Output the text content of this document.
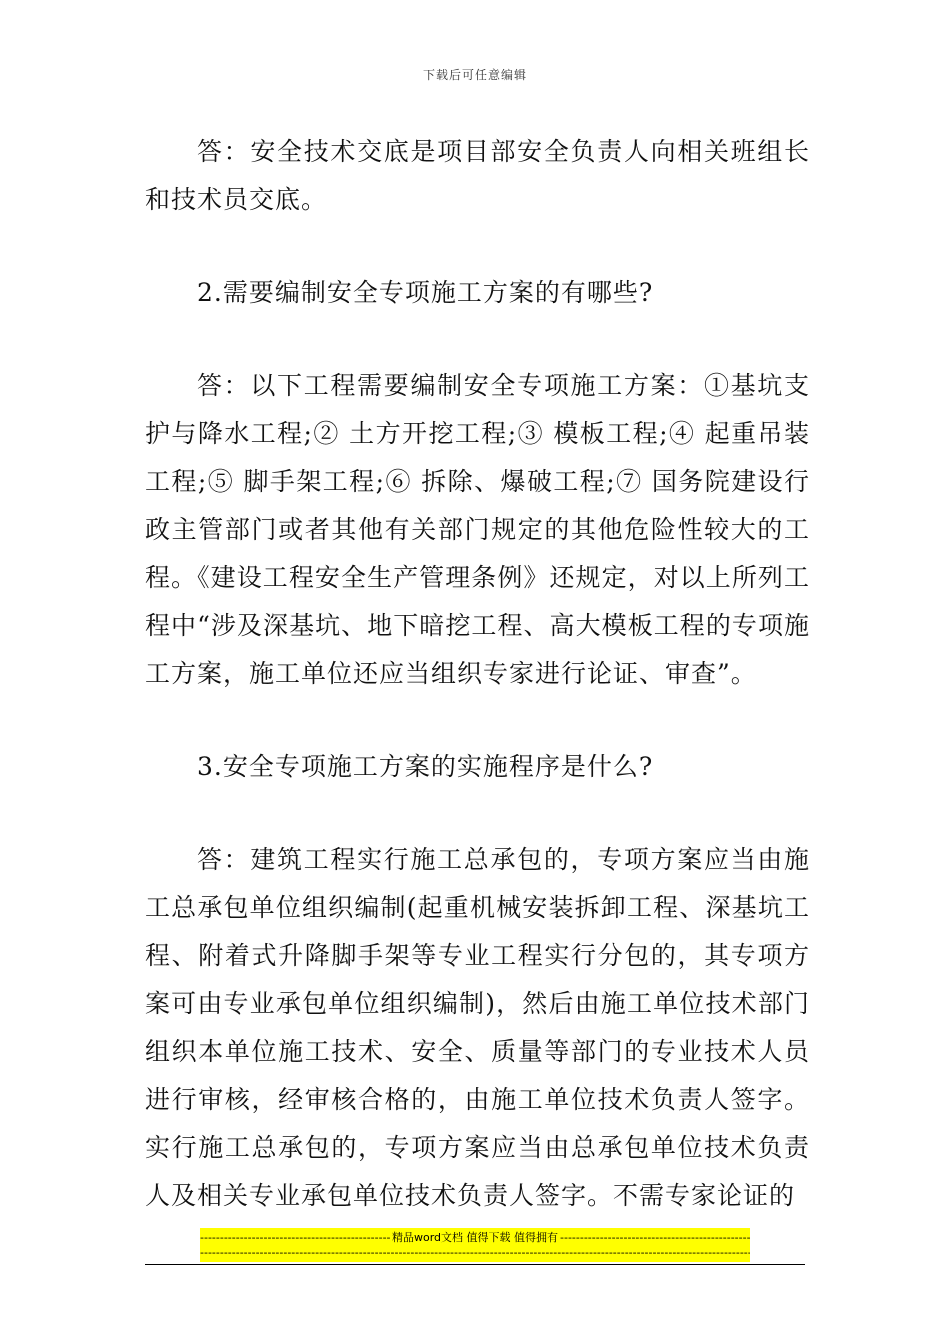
下载后可任意编辑

答：安全技术交底是项目部安全负责人向相关班组长和技术员交底。

2.需要编制安全专项施工方案的有哪些?

答：以下工程需要编制安全专项施工方案：①基坑支护与降水工程;② 土方开挖工程;③ 模板工程;④ 起重吊装工程;⑤ 脚手架工程;⑥ 拆除、爆破工程;⑦ 国务院建设行政主管部门或者其他有关部门规定的其他危险性较大的工程。《建设工程安全生产管理条例》还规定，对以上所列工程中“涉及深基坑、地下暗挖工程、高大模板工程的专项施工方案，施工单位还应当组织专家进行论证、审查”。

3.安全专项施工方案的实施程序是什么?

答：建筑工程实行施工总承包的，专项方案应当由施工总承包单位组织编制(起重机械安装拆卸工程、深基坑工程、附着式升降脚手架等专业工程实行分包的，其专项方案可由专业承包单位组织编制)，然后由施工单位技术部门组织本单位施工技术、安全、质量等部门的专业技术人员进行审核，经审核合格的，由施工单位技术负责人签字。实行施工总承包的，专项方案应当由总承包单位技术负责人及相关专业承包单位技术负责人签字。不需专家论证的

-----
精品word文档 值得下载 值得拥有
-----
-----
